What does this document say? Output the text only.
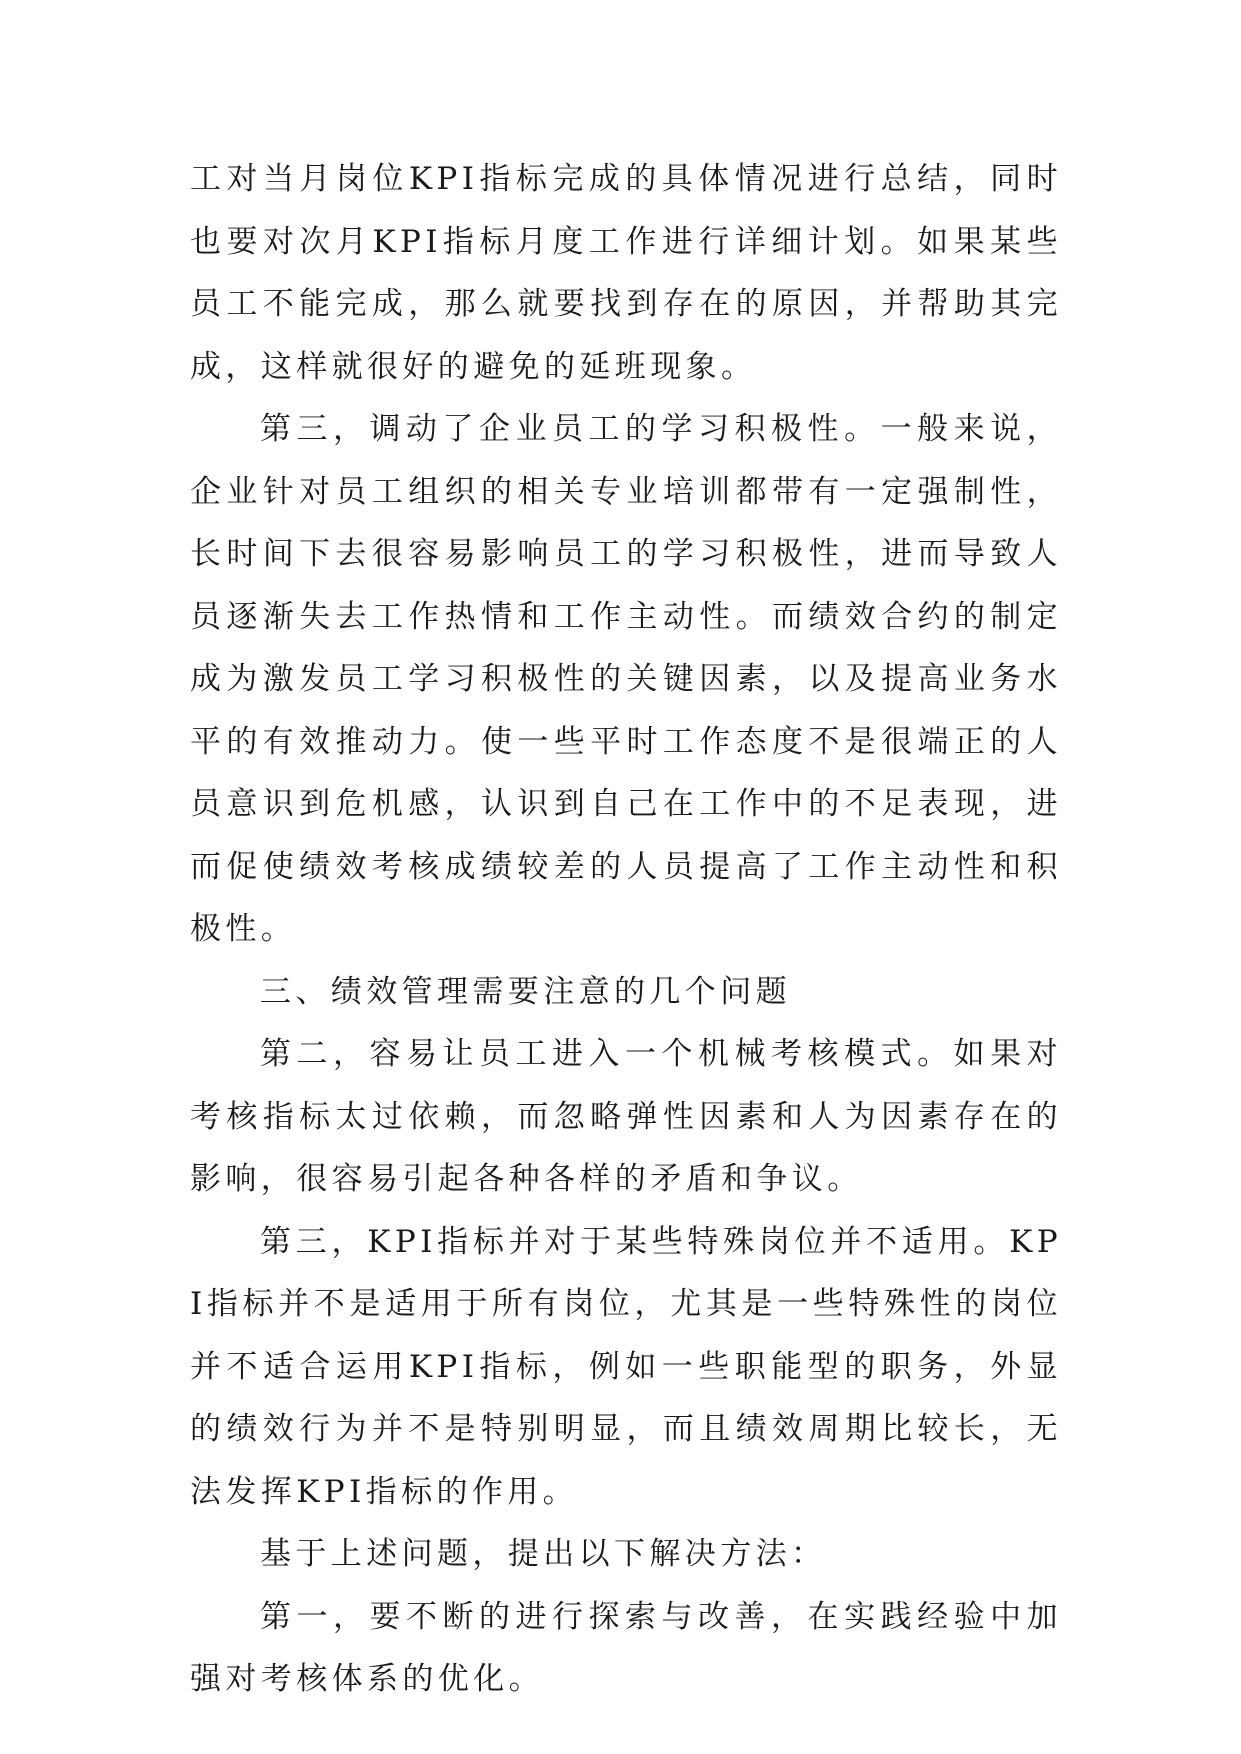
工对当月岗位KPI指标完成的具体情况进行总结，同时也要对次月KPI指标月度工作进行详细计划。如果某些员工不能完成，那么就要找到存在的原因，并帮助其完成，这样就很好的避免的延班现象。

第三，调动了企业员工的学习积极性。一般来说，企业针对员工组织的相关专业培训都带有一定强制性，长时间下去很容易影响员工的学习积极性，进而导致人员逐渐失去工作热情和工作主动性。而绩效合约的制定成为激发员工学习积极性的关键因素，以及提高业务水平的有效推动力。使一些平时工作态度不是很端正的人员意识到危机感，认识到自己在工作中的不足表现，进而促使绩效考核成绩较差的人员提高了工作主动性和积极性。

三、绩效管理需要注意的几个问题

第二，容易让员工进入一个机械考核模式。如果对考核指标太过依赖，而忽略弹性因素和人为因素存在的影响，很容易引起各种各样的矛盾和争议。

第三，KPI指标并对于某些特殊岗位并不适用。KPI指标并不是适用于所有岗位，尤其是一些特殊性的岗位并不适合运用KPI指标，例如一些职能型的职务，外显的绩效行为并不是特别明显，而且绩效周期比较长，无法发挥KPI指标的作用。

基于上述问题，提出以下解决方法：

第一，要不断的进行探索与改善，在实践经验中加强对考核体系的优化。
